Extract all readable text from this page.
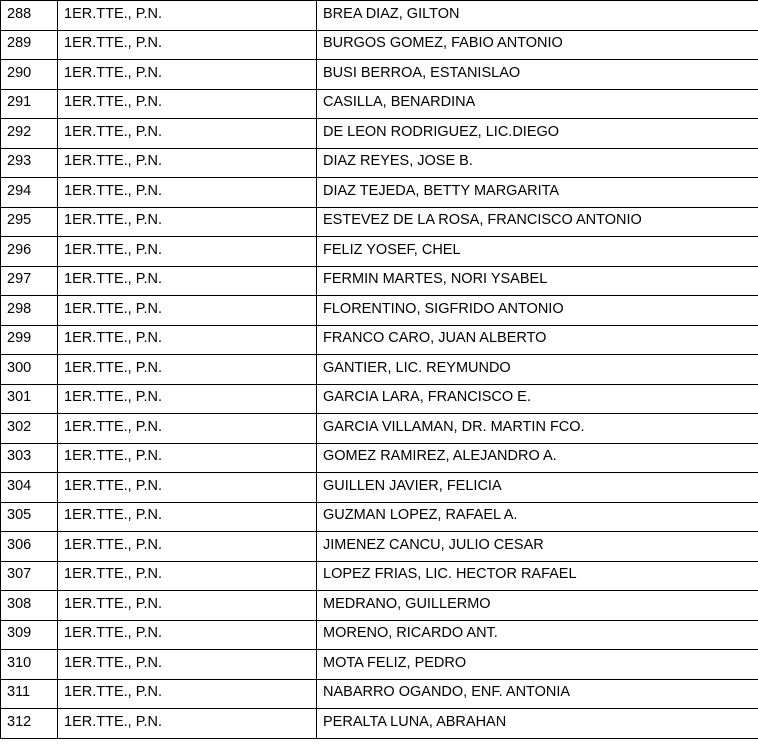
288	1ER.TTE., P.N.	BREA DIAZ, GILTON
289	1ER.TTE., P.N.	BURGOS GOMEZ, FABIO ANTONIO
290	1ER.TTE., P.N.	BUSI BERROA, ESTANISLAO
291	1ER.TTE., P.N.	CASILLA, BENARDINA
292	1ER.TTE., P.N.	DE LEON RODRIGUEZ, LIC.DIEGO
293	1ER.TTE., P.N.	DIAZ REYES, JOSE B.
294	1ER.TTE., P.N.	DIAZ TEJEDA, BETTY MARGARITA
295	1ER.TTE., P.N.	ESTEVEZ DE LA ROSA, FRANCISCO ANTONIO
296	1ER.TTE., P.N.	FELIZ YOSEF, CHEL
297	1ER.TTE., P.N.	FERMIN MARTES, NORI YSABEL
298	1ER.TTE., P.N.	FLORENTINO, SIGFRIDO ANTONIO
299	1ER.TTE., P.N.	FRANCO CARO, JUAN ALBERTO
300	1ER.TTE., P.N.	GANTIER, LIC. REYMUNDO
301	1ER.TTE., P.N.	GARCIA LARA, FRANCISCO E.
302	1ER.TTE., P.N.	GARCIA VILLAMAN, DR. MARTIN FCO.
303	1ER.TTE., P.N.	GOMEZ RAMIREZ, ALEJANDRO A.
304	1ER.TTE., P.N.	GUILLEN JAVIER, FELICIA
305	1ER.TTE., P.N.	GUZMAN LOPEZ, RAFAEL A.
306	1ER.TTE., P.N.	JIMENEZ CANCU, JULIO CESAR
307	1ER.TTE., P.N.	LOPEZ FRIAS, LIC. HECTOR RAFAEL
308	1ER.TTE., P.N.	MEDRANO, GUILLERMO
309	1ER.TTE., P.N.	MORENO, RICARDO ANT.
310	1ER.TTE., P.N.	MOTA FELIZ, PEDRO
311	1ER.TTE., P.N.	NABARRO OGANDO, ENF. ANTONIA
312	1ER.TTE., P.N.	PERALTA LUNA, ABRAHAN
